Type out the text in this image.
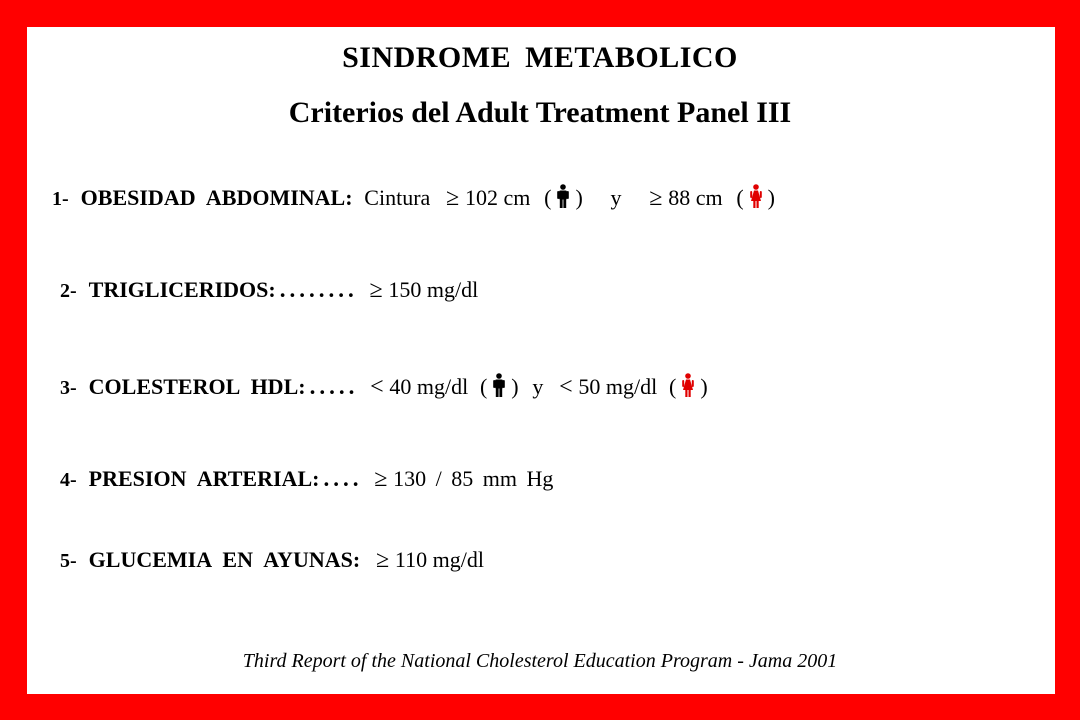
SINDROME METABOLICO
Criterios del Adult Treatment Panel III

1- OBESIDAD ABDOMINAL: Cintura ≥ 102 cm ( ) y ≥ 88 cm ( )

2- TRIGLICERIDOS: ........ ≥ 150 mg/dl

3- COLESTEROL HDL: ..... < 40 mg/dl ( ) y < 50 mg/dl ( )

4- PRESION ARTERIAL: .... ≥ 130 / 85 mm Hg

5- GLUCEMIA EN AYUNAS: ≥ 110 mg/dl

Third Report of the National Cholesterol Education Program - Jama 2001
